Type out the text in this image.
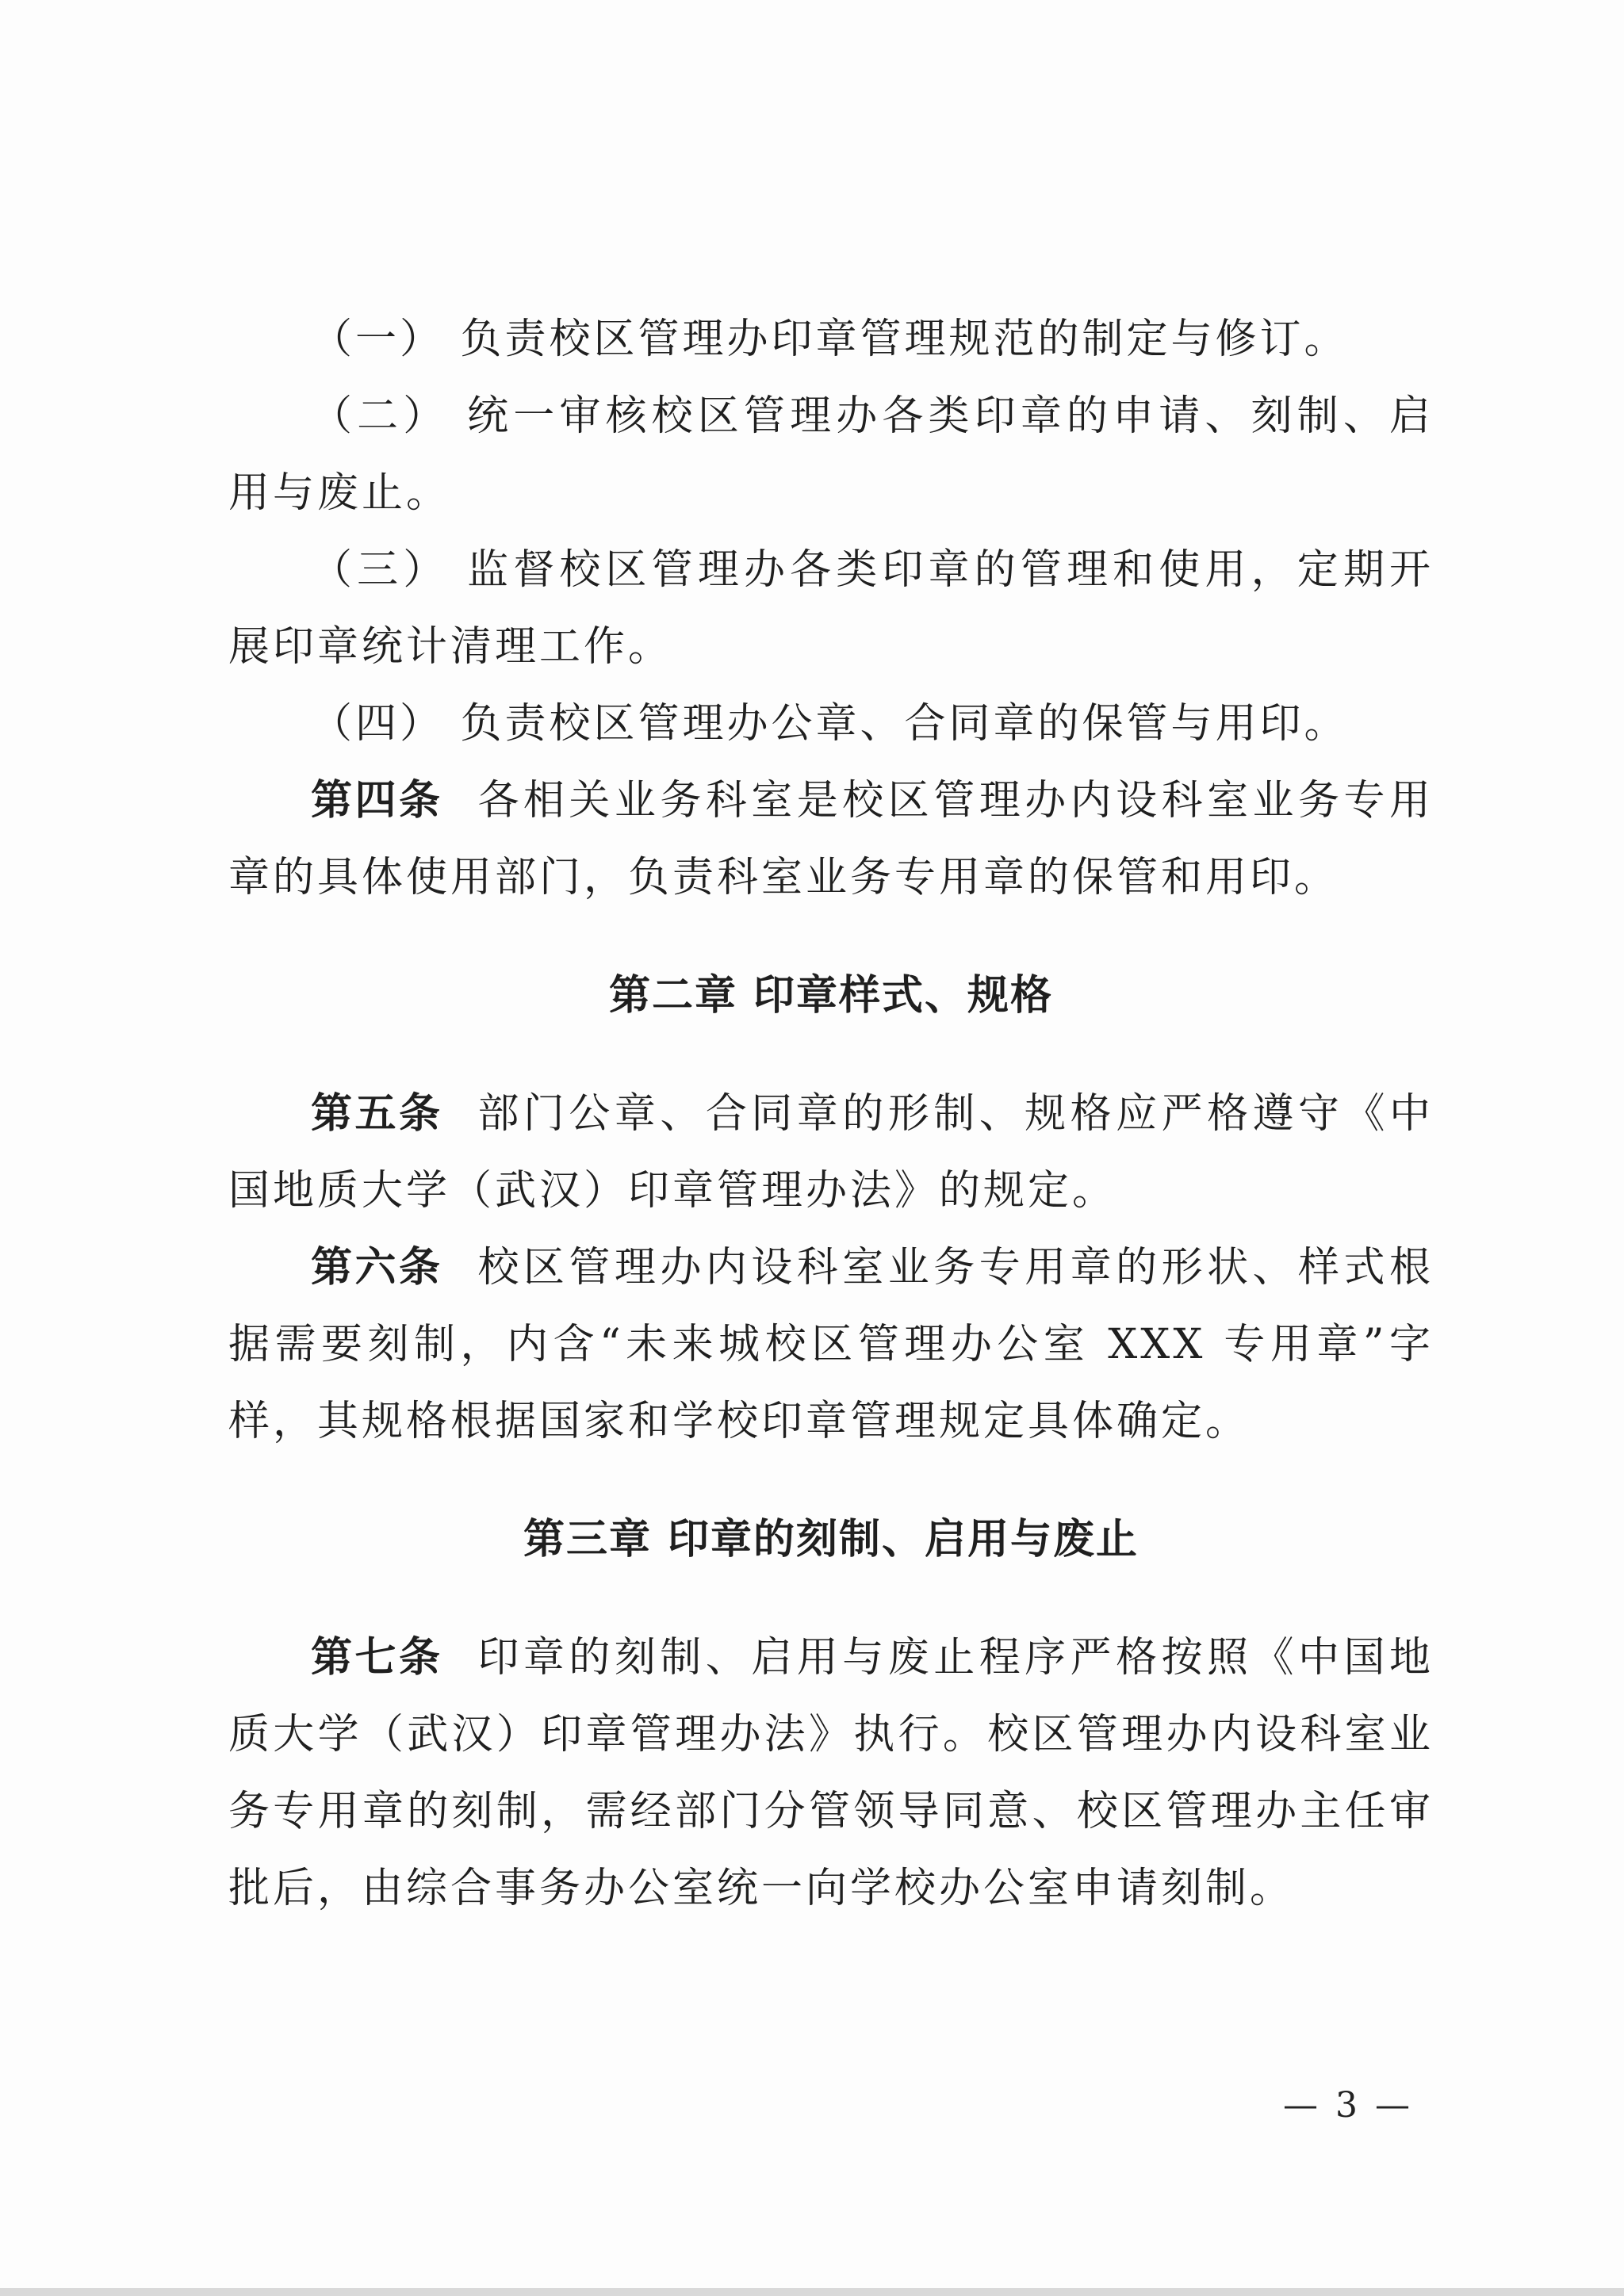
（一） 负责校区管理办印章管理规范的制定与修订。

（二） 统一审核校区管理办各类印章的申请、刻制、启用与废止。

（三） 监督校区管理办各类印章的管理和使用，定期开展印章统计清理工作。

（四） 负责校区管理办公章、合同章的保管与用印。

第四条 各相关业务科室是校区管理办内设科室业务专用章的具体使用部门，负责科室业务专用章的保管和用印。

第二章 印章样式、规格

第五条 部门公章、合同章的形制、规格应严格遵守《中国地质大学（武汉）印章管理办法》的规定。

第六条 校区管理办内设科室业务专用章的形状、样式根据需要刻制，内含“未来城校区管理办公室 XXX 专用章”字样，其规格根据国家和学校印章管理规定具体确定。

第三章 印章的刻制、启用与废止

第七条 印章的刻制、启用与废止程序严格按照《中国地质大学（武汉）印章管理办法》执行。校区管理办内设科室业务专用章的刻制，需经部门分管领导同意、校区管理办主任审批后，由综合事务办公室统一向学校办公室申请刻制。

— 3 —
